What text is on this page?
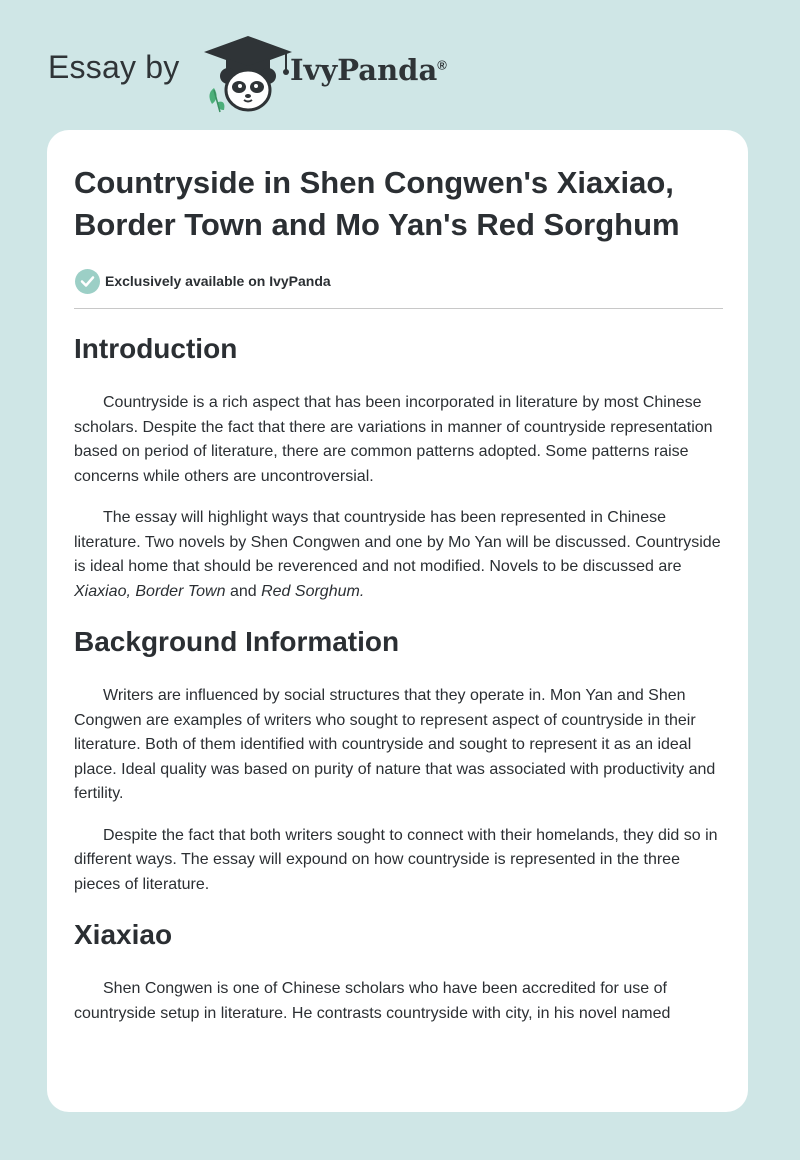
Essay by	IvyPanda®
Countryside in Shen Congwen's Xiaxiao, Border Town and Mo Yan's Red Sorghum
Exclusively available on IvyPanda
Introduction

Countryside is a rich aspect that has been incorporated in literature by most Chinese scholars. Despite the fact that there are variations in manner of countryside representation based on period of literature, there are common patterns adopted. Some patterns raise concerns while others are uncontroversial.

The essay will highlight ways that countryside has been represented in Chinese literature. Two novels by Shen Congwen and one by Mo Yan will be discussed. Countryside is ideal home that should be reverenced and not modified. Novels to be discussed are Xiaxiao, Border Town and Red Sorghum.

Background Information

Writers are influenced by social structures that they operate in. Mon Yan and Shen Congwen are examples of writers who sought to represent aspect of countryside in their literature. Both of them identified with countryside and sought to represent it as an ideal place. Ideal quality was based on purity of nature that was associated with productivity and fertility.

Despite the fact that both writers sought to connect with their homelands, they did so in different ways. The essay will expound on how countryside is represented in the three pieces of literature.

Xiaxiao

Shen Congwen is one of Chinese scholars who have been accredited for use of countryside setup in literature. He contrasts countryside with city, in his novel named
